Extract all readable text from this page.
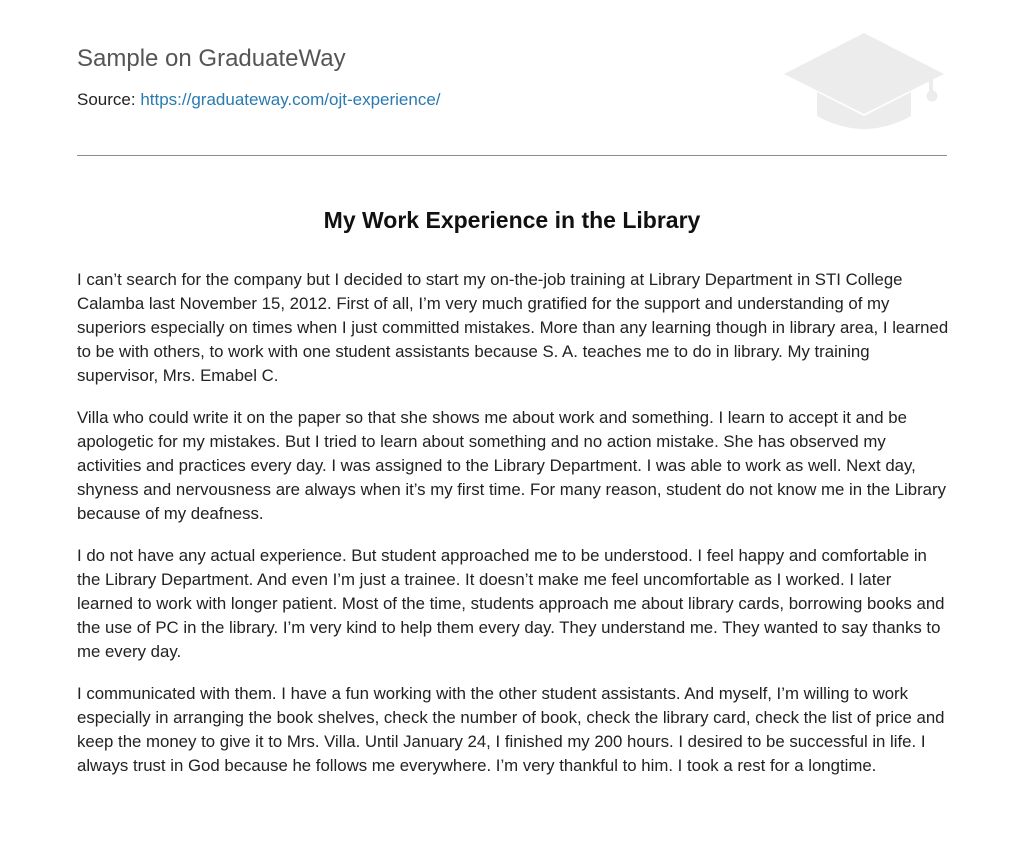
Sample on GraduateWay
Source: https://graduateway.com/ojt-experience/
My Work Experience in the Library

I can’t search for the company but I decided to start my on-the-job training at Library Department in STI College Calamba last November 15, 2012. First of all, I’m very much gratified for the support and understanding of my superiors especially on times when I just committed mistakes. More than any learning though in library area, I learned to be with others, to work with one student assistants because S. A. teaches me to do in library. My training supervisor, Mrs. Emabel C.

Villa who could write it on the paper so that she shows me about work and something. I learn to accept it and be apologetic for my mistakes. But I tried to learn about something and no action mistake. She has observed my activities and practices every day. I was assigned to the Library Department. I was able to work as well. Next day, shyness and nervousness are always when it’s my first time. For many reason, student do not know me in the Library because of my deafness.

I do not have any actual experience. But student approached me to be understood. I feel happy and comfortable in the Library Department. And even I’m just a trainee. It doesn’t make me feel uncomfortable as I worked. I later learned to work with longer patient. Most of the time, students approach me about library cards, borrowing books and the use of PC in the library. I’m very kind to help them every day. They understand me. They wanted to say thanks to me every day.

I communicated with them. I have a fun working with the other student assistants. And myself, I’m willing to work especially in arranging the book shelves, check the number of book, check the library card, check the list of price and keep the money to give it to Mrs. Villa. Until January 24, I finished my 200 hours. I desired to be successful in life. I always trust in God because he follows me everywhere. I’m very thankful to him. I took a rest for a longtime.
